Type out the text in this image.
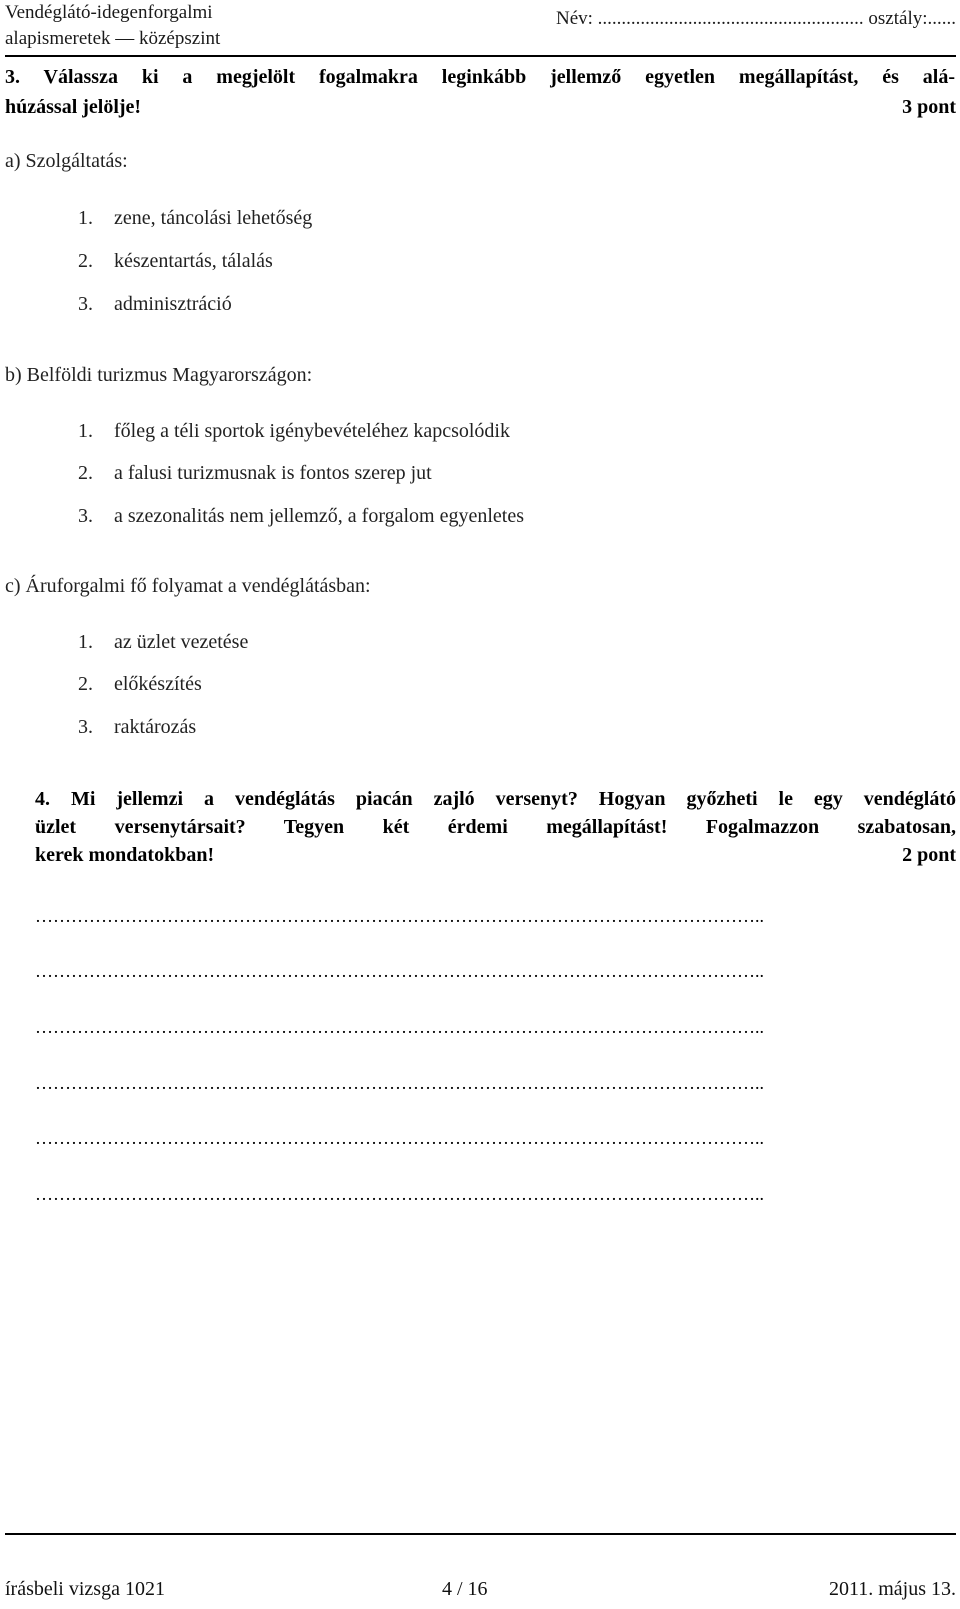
Vendéglátó-idegenforgalmi
alapismeretek — középszint
Név: ........................................................ osztály:......
3. Válassza ki a megjelölt fogalmakra leginkább jellemző egyetlen megállapítást, és alá-
húzással jelölje!	3 pont
a) Szolgáltatás:
1. zene, táncolási lehetőség
2. készentartás, tálalás
3. adminisztráció
b) Belföldi turizmus Magyarországon:
1. főleg a téli sportok igénybevételéhez kapcsolódik
2. a falusi turizmusnak is fontos szerep jut
3. a szezonalitás nem jellemző, a forgalom egyenletes
c) Áruforgalmi fő folyamat a vendéglátásban:
1. az üzlet vezetése
2. előkészítés
3. raktározás
4. Mi jellemzi a vendéglátás piacán zajló versenyt? Hogyan győzheti le egy vendéglátó
üzlet versenytársait? Tegyen két érdemi megállapítást! Fogalmazzon szabatosan,
kerek mondatokban!	2 pont
…………………………………………………………………………………………………………..
…………………………………………………………………………………………………………..
…………………………………………………………………………………………………………..
…………………………………………………………………………………………………………..
…………………………………………………………………………………………………………..
…………………………………………………………………………………………………………..
írásbeli vizsga 1021	4 / 16	2011. május 13.
